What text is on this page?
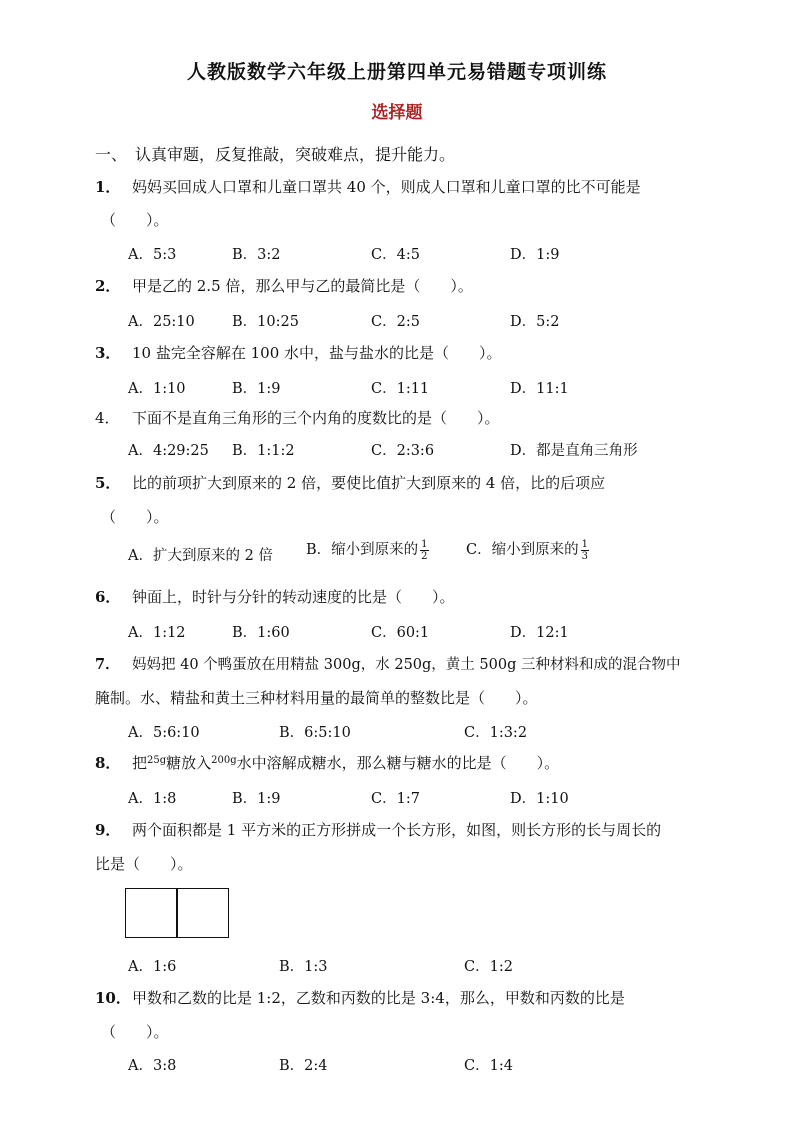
人教版数学六年级上册第四单元易错题专项训练
选择题
一、　认真审题，反复推敲，突破难点，提升能力。
1． 妈妈买回成人口罩和儿童口罩共 40 个，则成人口罩和儿童口罩的比不可能是
（　　）。
A．5:3	B．3:2	C．4:5	D．1:9
2． 甲是乙的 2.5 倍，那么甲与乙的最简比是（　　）。
A．25:10	B．10:25	C．2:5	D．5:2
3． 10 盐完全容解在 100 水中，盐与盐水的比是（　　）。
A．1:10	B．1:9	C．1:11	D．11:1
4． 下面不是直角三角形的三个内角的度数比的是（　　）。
A．4:29:25 B．1:1:2	C．2:3:6	D．都是直角三角形
5． 比的前项扩大到原来的 2 倍，要使比值扩大到原来的 4 倍，比的后项应
（　　）。
A．扩大到原来的 2 倍 B．缩小到原来的 $\frac{1}{2}$	C．缩小到原来的 $\frac{1}{3}$
6． 钟面上，时针与分针的转动速度的比是（　　）。
A．1:12	B．1:60	C．60:1	D．12:1
7． 妈妈把 40 个鸭蛋放在用精盐 300g，水 250g，黄土 500g 三种材料和成的混合物中
腌制。水、精盐和黄土三种材料用量的最简单的整数比是（　　）。
A．5:6:10	B．6:5:10	C．1:3:2
8． 把$^{25g}$糖放入$^{200g}$水中溶解成糖水，那么糖与糖水的比是（　　）。
A．1:8	B．1:9	C．1:7	D．1:10
9． 两个面积都是 1 平方米的正方形拼成一个长方形，如图，则长方形的长与周长的
比是（　　）。
A．1:6	B．1:3	C．1:2
10．甲数和乙数的比是 1:2，乙数和丙数的比是 3:4，那么，甲数和丙数的比是
（　　）。
A．3:8	B．2:4	C．1:4
